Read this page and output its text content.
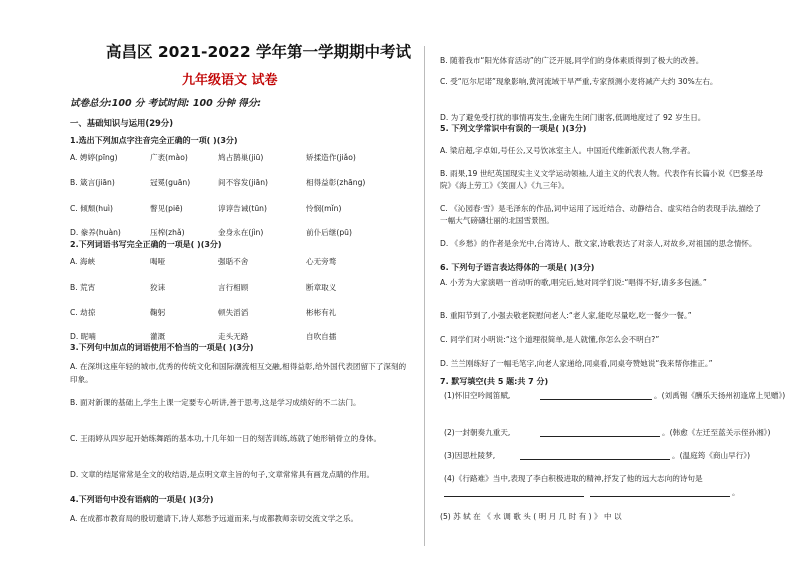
高昌区 2021-2022 学年第一学期期中考试
九年级语文 试卷
试卷总分:100 分 考试时间: 100 分钟 得分:
一、基础知识与运用(29分)
1.选出下列加点字注音完全正确的一项( )(3分)
A. 娉婷(pīng)	广袤(mào)	鸠占鹊巢(jiū)	矫揉造作(jiǎo)
B. 箴言(jiān)	冠冕(guān)	间不容发(jiān)	相得益彰(zhāng)
C. 倾颓(huì)	瞥见(piē)	谆谆告诫(tūn)	怜悯(mǐn)
D. 豢养(huàn)	压榨(zhǎ)	金身永在(jìn)	前仆后继(pū)
2.下列词语书写完全正确的一项是( )(3分)
A. 海峡	喝哑	强聒不舍	心无旁骛
B. 荒宵	狡诔	言行相顾	断章取义
C. 劫掠	鞠躬	顿失滔滔	彬彬有礼
D. 昵喃	灌溉	走头无路	自吹自擂
3.下列句中加点的词语使用不恰当的一项是( )(3分)
A. 在深圳这座年轻的城市,优秀的传统文化和国际潮流相互交融,相得益彰,给外国代表团留下了深刻的印象。
B. 面对新课的基础上,学生上课一定要专心听讲,善于思考,这是学习成绩好的不二法门。
C. 王雨婷从四岁起开始练舞蹈的基本功,十几年如一日的刻苦训练,练就了她形销骨立的身体。
D. 文章的结尾常常是全文的收结语,是点明文章主旨的句子,文章常常具有画龙点睛的作用。
4.下列语句中没有语病的一项是( )(3分)
A. 在成都市教育局的殷切邀请下,诗人郑愁予远道而来,与成都教师亲切交流文学之乐。
B. 随着我市“阳光体育活动”的广泛开展,同学们的身体素质得到了极大的改善。
C. 受“厄尔尼诺”现象影响,黄河流域干旱严重,专家预测小麦将减产大约 30%左右。
D. 为了避免受打扰的事情再发生,金庸先生闭门谢客,低调地度过了 92 岁生日。
5. 下列文学常识中有误的一项是( )(3分)
A. 梁启超,字卓如,号任公,又号饮冰室主人。中国近代维新派代表人物,学者。
B. 雨果,19 世纪英国现实主义文学运动领袖,人道主义的代表人物。代表作有长篇小说《巴黎圣母院》《海上劳工》《笑面人》《九三年》。
C. 《沁园春·雪》是毛泽东的作品,词中运用了远近结合、动静结合、虚实结合的表现手法,描绘了一幅大气磅礴壮丽的北国雪景图。
D. 《乡愁》的作者是余光中,台湾诗人、散文家,诗歌表达了对亲人,对故乡,对祖国的思念情怀。
6. 下列句子语言表达得体的一项是( )(3分)
A. 小芳为大家演唱一首动听的歌,唱完后,她对同学们说:“唱得不好,请多多包涵。”
B. 重阳节到了,小强去敬老院慰问老人:“老人家,能吃尽量吃,吃一餐少一餐。”
C. 同学们对小明说:“这个道理很简单,是人就懂,你怎么会不明白?”
D. 兰兰刚练好了一幅毛笔字,向老人家递给,同桌看,同桌夸赞她说“我来帮你推正。”
7. 默写填空(共 5 题:共 7 分)
(1)怀旧空吟闻笛赋,	。(刘禹锡《酬乐天扬州初逢席上见赠》)
(2)一封朝奏九重天,	。(韩愈《左迁至蓝关示侄孙湘》)
(3)因思杜陵梦,	。(温庭筠《商山早行》)
(4)《行路难》当中,表现了李白积极进取的精神,抒发了他的远大志向的诗句是
。
(5) 苏 轼 在 《 水 调 歌 头 ( 明 月 几 时 有 ) 》 中 以
